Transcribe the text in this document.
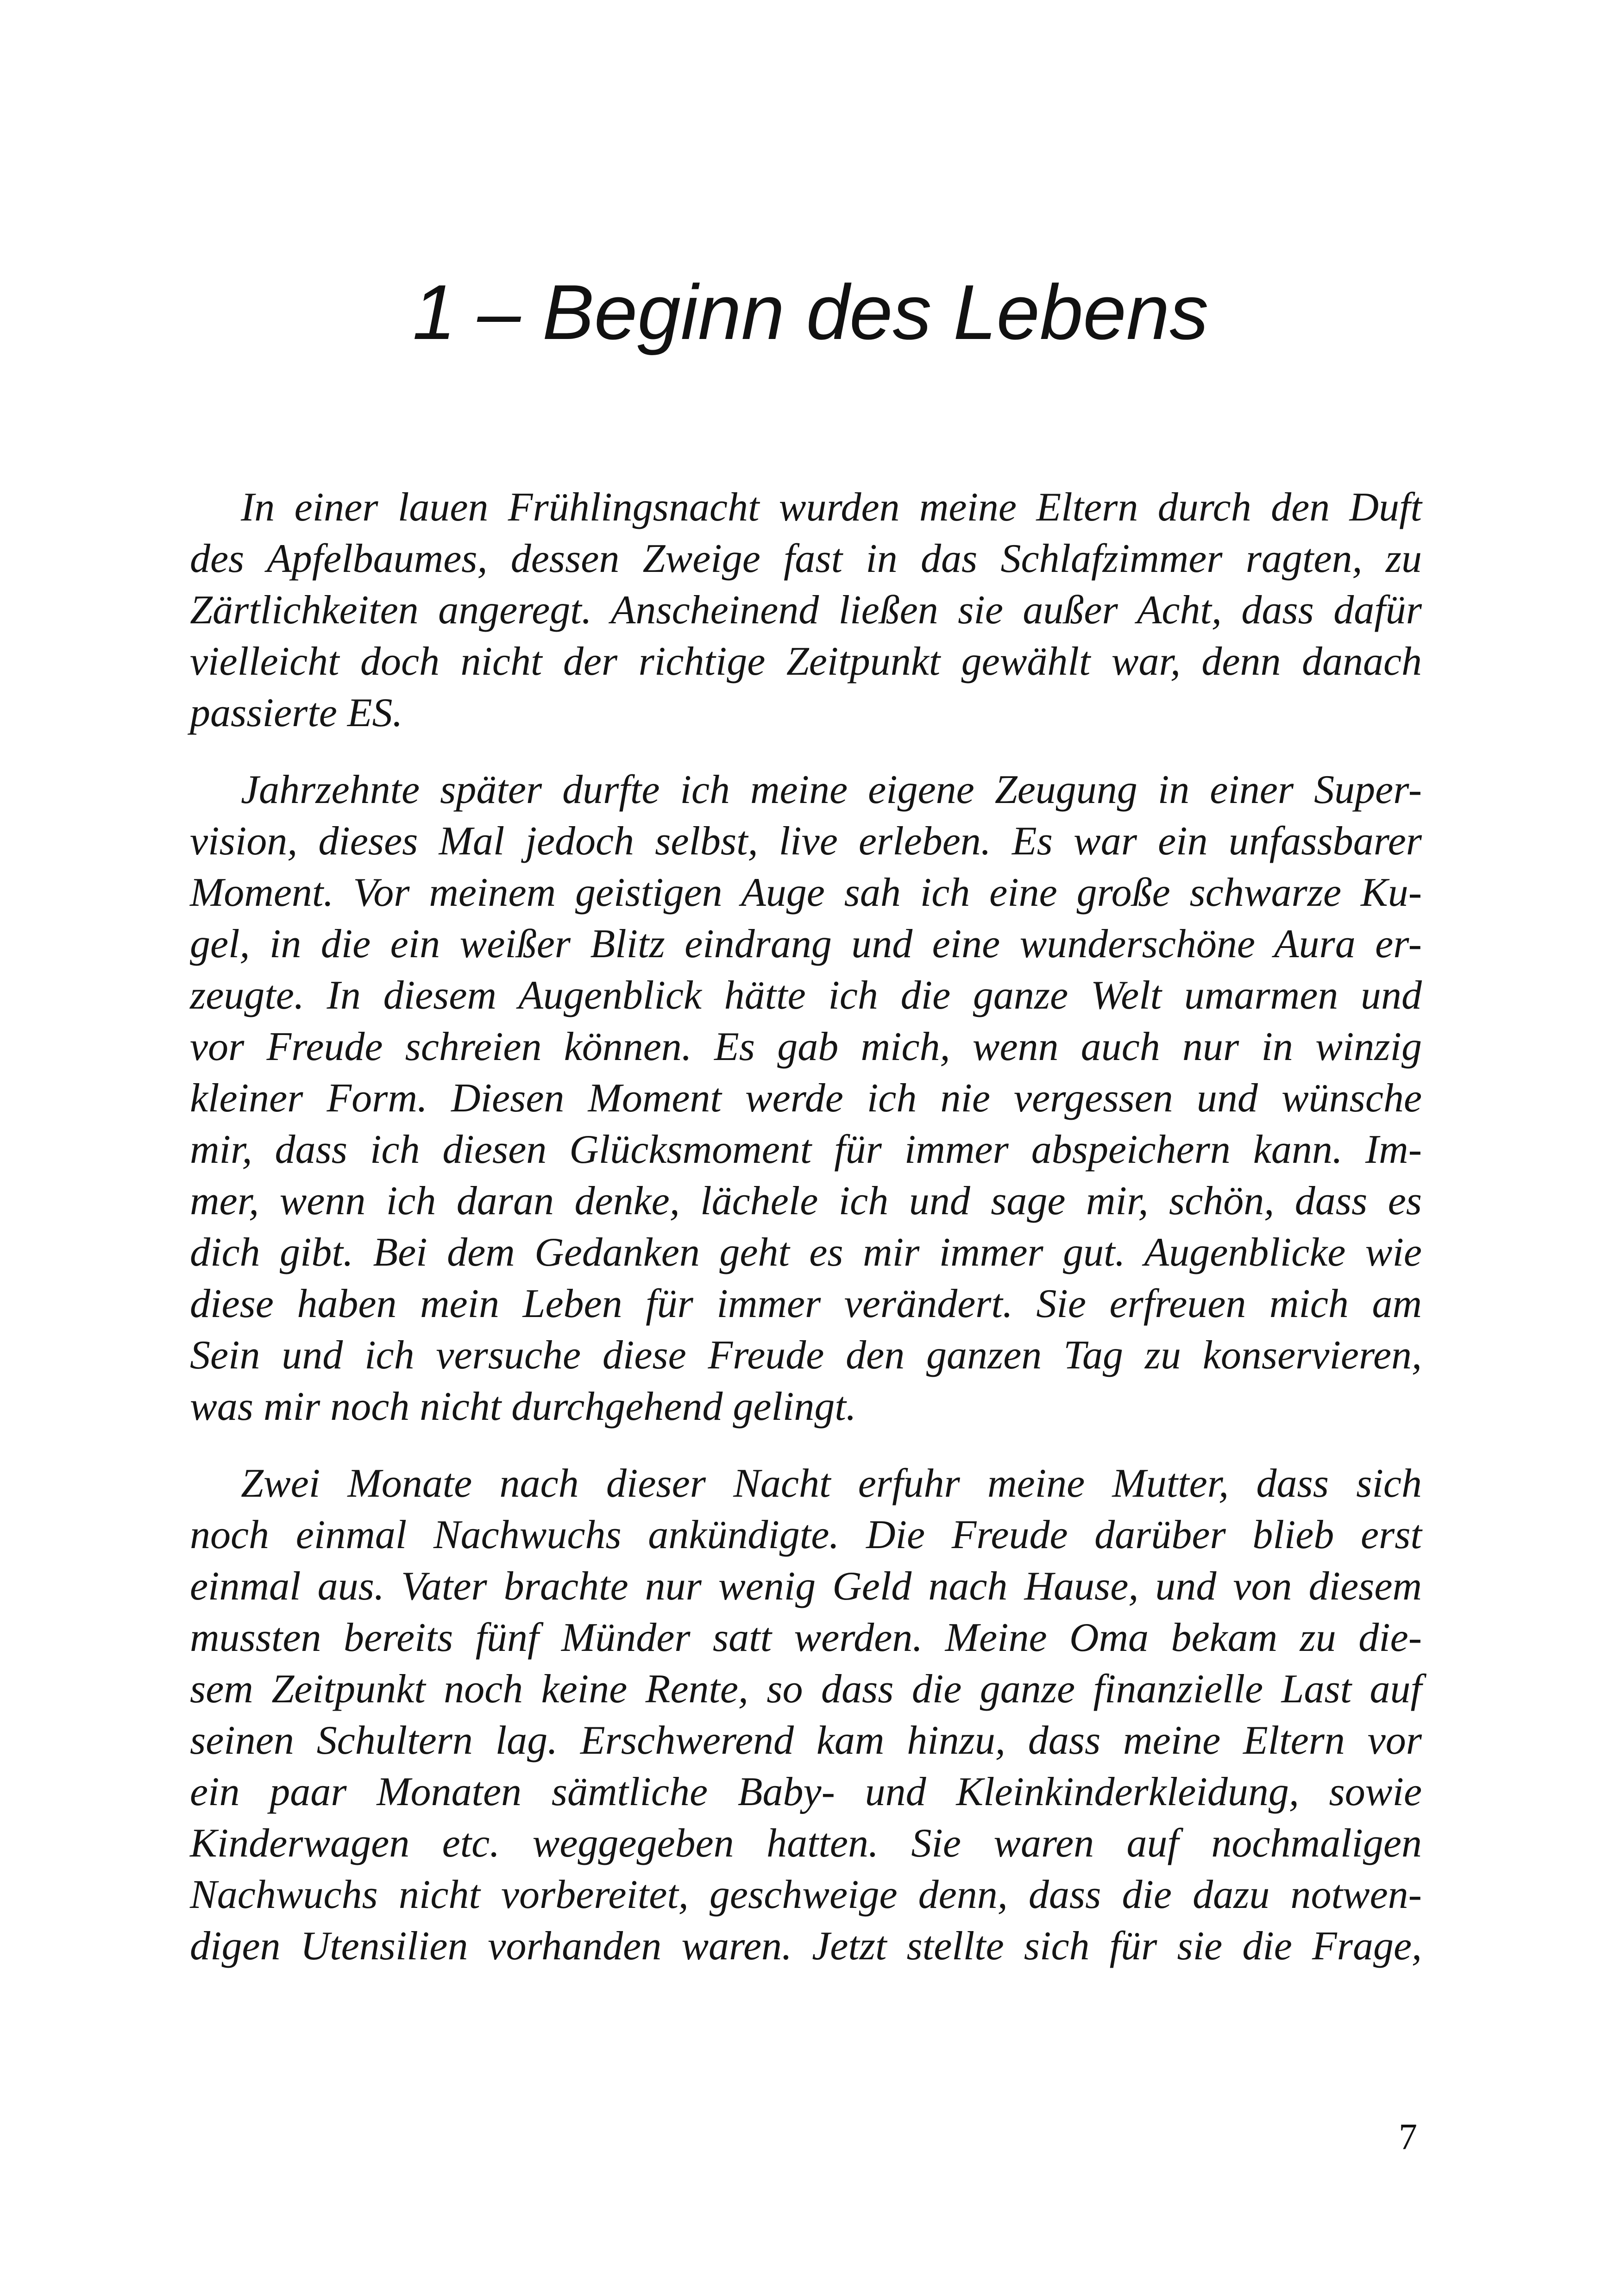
1 – Beginn des Lebens

In einer lauen Frühlingsnacht wurden meine Eltern durch den Duft
des Apfelbaumes, dessen Zweige fast in das Schlafzimmer ragten, zu
Zärtlichkeiten angeregt. Anscheinend ließen sie außer Acht, dass dafür
vielleicht doch nicht der richtige Zeitpunkt gewählt war, denn danach
passierte ES.

Jahrzehnte später durfte ich meine eigene Zeugung in einer Super-
vision, dieses Mal jedoch selbst, live erleben. Es war ein unfassbarer
Moment. Vor meinem geistigen Auge sah ich eine große schwarze Ku-
gel, in die ein weißer Blitz eindrang und eine wunderschöne Aura er-
zeugte. In diesem Augenblick hätte ich die ganze Welt umarmen und
vor Freude schreien können. Es gab mich, wenn auch nur in winzig
kleiner Form. Diesen Moment werde ich nie vergessen und wünsche
mir, dass ich diesen Glücksmoment für immer abspeichern kann. Im-
mer, wenn ich daran denke, lächele ich und sage mir, schön, dass es
dich gibt. Bei dem Gedanken geht es mir immer gut. Augenblicke wie
diese haben mein Leben für immer verändert. Sie erfreuen mich am
Sein und ich versuche diese Freude den ganzen Tag zu konservieren,
was mir noch nicht durchgehend gelingt.

Zwei Monate nach dieser Nacht erfuhr meine Mutter, dass sich
noch einmal Nachwuchs ankündigte. Die Freude darüber blieb erst
einmal aus. Vater brachte nur wenig Geld nach Hause, und von diesem
mussten bereits fünf Münder satt werden. Meine Oma bekam zu die-
sem Zeitpunkt noch keine Rente, so dass die ganze finanzielle Last auf
seinen Schultern lag. Erschwerend kam hinzu, dass meine Eltern vor
ein paar Monaten sämtliche Baby- und Kleinkinderkleidung, sowie
Kinderwagen etc. weggegeben hatten. Sie waren auf nochmaligen
Nachwuchs nicht vorbereitet, geschweige denn, dass die dazu notwen-
digen Utensilien vorhanden waren. Jetzt stellte sich für sie die Frage,

7
